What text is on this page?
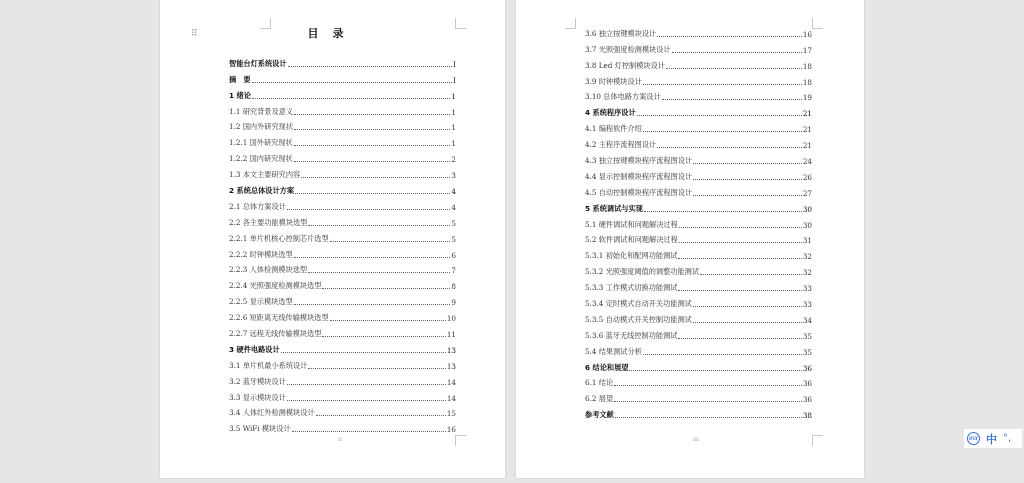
⠿	目录
智能台灯系统设计	I
摘　要	I
1 绪论	1
1.1 研究背景及意义	1
1.2 国内外研究现状	1
1.2.1 国外研究现状	1
1.2.2 国内研究现状	2
1.3 本文主要研究内容	3
2 系统总体设计方案	4
2.1 总体方案设计	4
2.2 各主要功能模块选型	5
2.2.1 单片机核心控制芯片选型	5
2.2.2 时钟模块选型	6
2.2.3 人体检测模块选型	7
2.2.4 光照强度检测模块选型	8
2.2.5 显示模块选型	9
2.2.6 短距离无线传输模块选型	10
2.2.7 远程无线传输模块选型	11
3 硬件电路设计	13
3.1 单片机最小系统设计	13
3.2 蓝牙模块设计	14
3.3 显示模块设计	14
3.4 人体红外检测模块设计	15
3.5 WiFi 模块设计	16
II
3.6 独立按键模块设计	16
3.7 光照强度检测模块设计	17
3.8 Led 灯控制模块设计	18
3.9 时钟模块设计	18
3.10 总体电路方案设计	19
4 系统程序设计	21
4.1 编程软件介绍	21
4.2 主程序流程图设计	21
4.3 独立按键模块程序流程图设计	24
4.4 显示控制模块程序流程图设计	26
4.5 自动控制模块程序流程图设计	27
5 系统调试与实现	30
5.1 硬件调试和问题解决过程	30
5.2 软件调试和问题解决过程	31
5.3.1 初始化和配网功能测试	32
5.3.2 光照强度阈值的调整功能测试	32
5.3.3 工作模式切换功能测试	33
5.3.4 定时模式自动开关功能测试	33
5.3.5 自动模式开关控制功能测试	34
5.3.6 蓝牙无线控制功能测试	35
5.4 结果测试分析	35
6 结论和展望	36
6.1 结论	36
6.2 展望	36
参考文献	38
III	iFLY 中 °,
